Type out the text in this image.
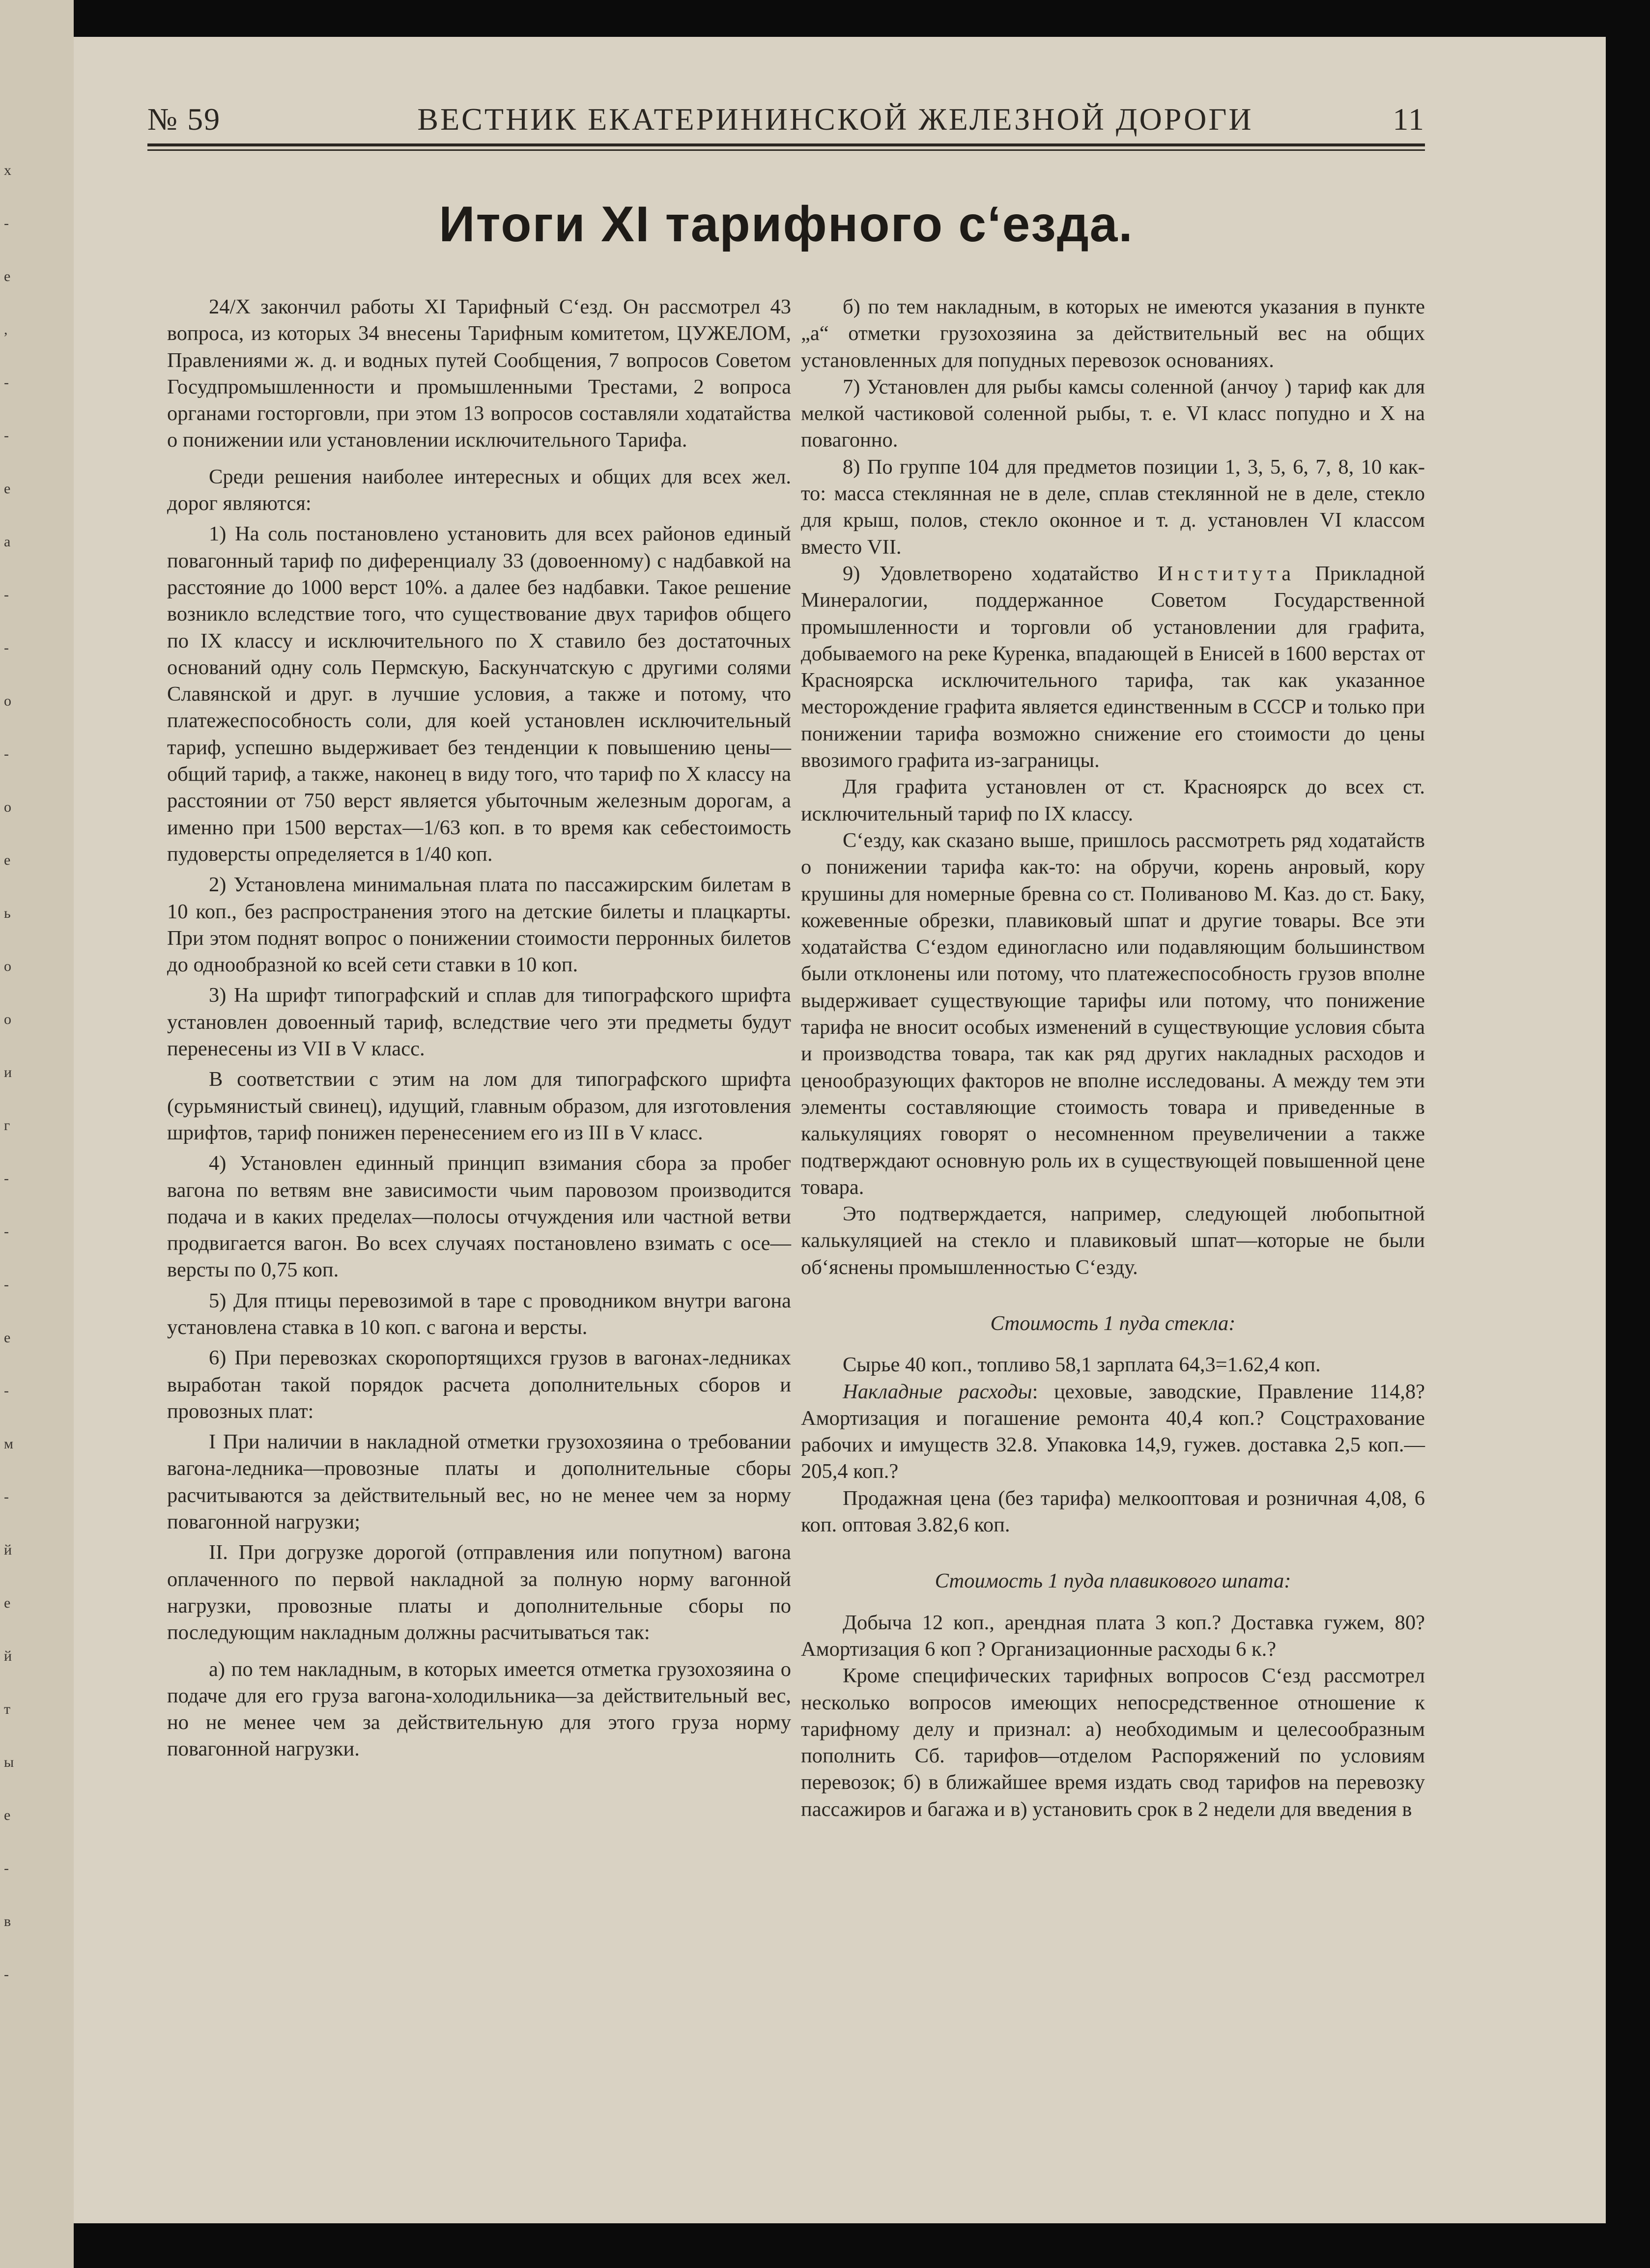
x
-
e
,
-
-
е
а
-
-
о
-
о
е
ь
о
о
и
г
-
-
-
е
-
м
-
й
е
й
т
ы
е
-
в
-
№ 59	ВЕСТНИК ЕКАТЕРИНИНСКОЙ ЖЕЛЕЗНОЙ ДОРОГИ	11
Итоги XI тарифного с‘езда.

24/X закончил работы XI Тарифный С‘езд. Он рассмотрел 43 вопроса, из которых 34 внесены Тарифным комитетом, ЦУЖЕЛОМ, Правлениями ж. д. и водных путей Сообщения, 7 вопросов Советом Госудпромышленности и промышленными Трестами, 2 вопроса органами госторговли, при этом 13 вопросов составляли ходатайства о понижении или установлении исключительного Тарифа.

Среди решения наиболее интересных и общих для всех жел. дорог являются:

1) На соль постановлено установить для всех районов единый повагонный тариф по диференциалу 33 (довоенному) с надбавкой на расстояние до 1000 верст 10%. а далее без надбавки. Такое решение возникло вследствие того, что существование двух тарифов общего по IX классу и исключительного по X ставило без достаточных оснований одну соль Пермскую, Баскунчатскую с другими солями Славянской и друг. в лучшие условия, а также и потому, что платежеспособность соли, для коей установлен исключительный тариф, успешно выдерживает без тенденции к повышению цены—общий тариф, а также, наконец в виду того, что тариф по X классу на расстоянии от 750 верст является убыточным железным дорогам, а именно при 1500 верстах—1/63 коп. в то время как себестоимость пудоверсты определяется в 1/40 коп.

2) Установлена минимальная плата по пассажирским билетам в 10 коп., без распространения этого на детские билеты и плацкарты. При этом поднят вопрос о понижении стоимости перронных билетов до однообразной ко всей сети ставки в 10 коп.

3) На шрифт типографский и сплав для типографского шрифта установлен довоенный тариф, вследствие чего эти предметы будут перенесены из VII в V класс.

В соответствии с этим на лом для типографского шрифта (сурьмянистый свинец), идущий, главным образом, для изготовления шрифтов, тариф понижен перенесением его из III в V класс.

4) Установлен единный принцип взимания сбора за пробег вагона по ветвям вне зависимости чьим паровозом производится подача и в каких пределах—полосы отчуждения или частной ветви продвигается вагон. Во всех случаях постановлено взимать с осе—версты по 0,75 коп.

5) Для птицы перевозимой в таре с проводником внутри вагона установлена ставка в 10 коп. с вагона и версты.

6) При перевозках скоропортящихся грузов в вагонах-ледниках выработан такой порядок расчета дополнительных сборов и провозных плат:

I При наличии в накладной отметки грузохозяина о требовании вагона-ледника—провозные платы и дополнительные сборы расчитываются за действительный вес, но не менее чем за норму повагонной нагрузки;

II. При догрузке дорогой (отправления или попутном) вагона оплаченного по первой накладной за полную норму вагонной нагрузки, провозные платы и дополнительные сборы по последующим накладным должны расчитываться так:

а) по тем накладным, в которых имеется отметка грузохозяина о подаче для его груза вагона-холодильника—за действительный вес, но не менее чем за действительную для этого груза норму повагонной нагрузки.

б) по тем накладным, в которых не имеются указания в пункте „а“ отметки грузохозяина за действительный вес на общих установленных для попудных перевозок основаниях.

7) Установлен для рыбы камсы соленной (анчоу ) тариф как для мелкой частиковой соленной рыбы, т. е. VI класс попудно и X на повагонно.

8) По группе 104 для предметов позиции 1, 3, 5, 6, 7, 8, 10 как-то: масса стеклянная не в деле, сплав стеклянной не в деле, стекло для крыш, полов, стекло оконное и т. д. установлен VI классом вместо VII.

9) Удовлетворено ходатайство Института Прикладной Минералогии, поддержанное Советом Государственной промышленности и торговли об установлении для графита, добываемого на реке Куренка, впадающей в Енисей в 1600 верстах от Красноярска исключительного тарифа, так как указанное месторождение графита является единственным в СССР и только при понижении тарифа возможно снижение его стоимости до цены ввозимого графита из-заграницы.

Для графита установлен от ст. Красноярск до всех ст. исключительный тариф по IX классу.

С‘езду, как сказано выше, пришлось рассмотреть ряд ходатайств о понижении тарифа как-то: на обручи, корень анровый, кору крушины для номерные бревна со ст. Поливаново М. Каз. до ст. Баку, кожевенные обрезки, плавиковый шпат и другие товары. Все эти ходатайства С‘ездом единогласно или подавляющим большинством были отклонены или потому, что платежеспособность грузов вполне выдерживает существующие тарифы или потому, что понижение тарифа не вносит особых изменений в существующие условия сбыта и производства товара, так как ряд других накладных расходов и ценообразующих факторов не вполне исследованы. А между тем эти элементы составляющие стоимость товара и приведенные в калькуляциях говорят о несомненном преувеличении а также подтверждают основную роль их в существующей повышенной цене товара.

Это подтверждается, например, следующей любопытной калькуляцией на стекло и плавиковый шпат—которые не были об‘яснены промышленностью С‘езду.

Стоимость 1 пуда стекла:

Сырье 40 коп., топливо 58,1 зарплата 64,3=1.62,4 коп.

Накладные расходы: цеховые, заводские, Правление 114,8? Амортизация и погашение ремонта 40,4 коп.? Соцстрахование рабочих и имуществ 32.8. Упаковка 14,9, гужев. доставка 2,5 коп.—205,4 коп.?

Продажная цена (без тарифа) мелкооптовая и розничная 4,08, 6 коп. оптовая 3.82,6 коп.

Стоимость 1 пуда плавикового шпата:

Добыча 12 коп., арендная плата 3 коп.? Доставка гужем, 80? Амортизация 6 коп ? Организационные расходы 6 к.?

Кроме специфических тарифных вопросов С‘езд рассмотрел несколько вопросов имеющих непосредственное отношение к тарифному делу и признал: а) необходимым и целесообразным пополнить Сб. тарифов—отделом Распоряжений по условиям перевозок; б) в ближайшее время издать свод тарифов на перевозку пассажиров и багажа и в) установить срок в 2 недели для введения в
